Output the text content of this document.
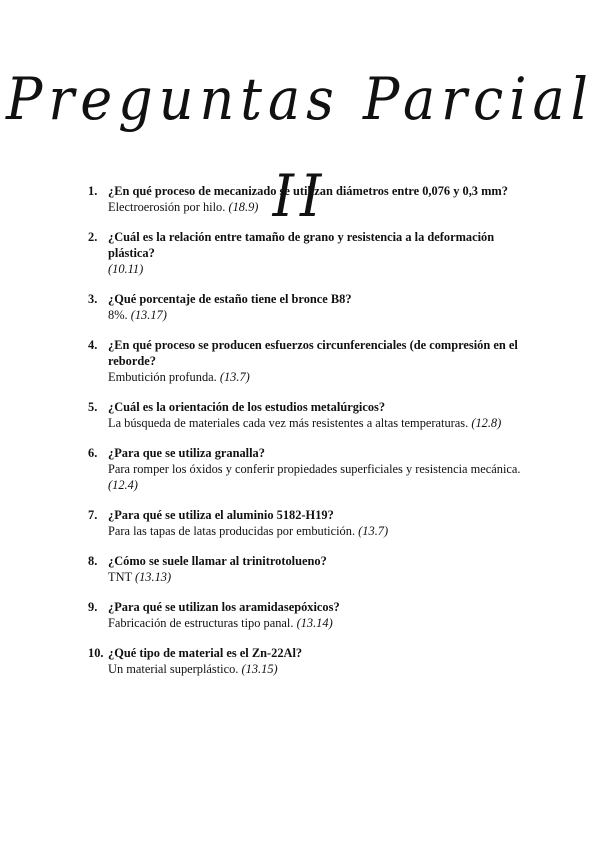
Preguntas Parcial II
1. ¿En qué proceso de mecanizado se utilizan diámetros entre 0,076 y 0,3 mm?
Electroerosión por hilo. (18.9)
2. ¿Cuál es la relación entre tamaño de grano y resistencia a la deformación plástica?
(10.11)
3. ¿Qué porcentaje de estaño tiene el bronce B8?
8%. (13.17)
4. ¿En qué proceso se producen esfuerzos circunferenciales (de compresión en el reborde?
Embutición profunda. (13.7)
5. ¿Cuál es la orientación de los estudios metalúrgicos?
La búsqueda de materiales cada vez más resistentes a altas temperaturas. (12.8)
6. ¿Para que se utiliza granalla?
Para romper los óxidos y conferir propiedades superficiales y resistencia mecánica. (12.4)
7. ¿Para qué se utiliza el aluminio 5182-H19?
Para las tapas de latas producidas por embutición. (13.7)
8. ¿Cómo se suele llamar al trinitrotolueno?
TNT (13.13)
9. ¿Para qué se utilizan los aramidasepóxicos?
Fabricación de estructuras tipo panal. (13.14)
10. ¿Qué tipo de material es el Zn-22Al?
Un material superplástico. (13.15)
